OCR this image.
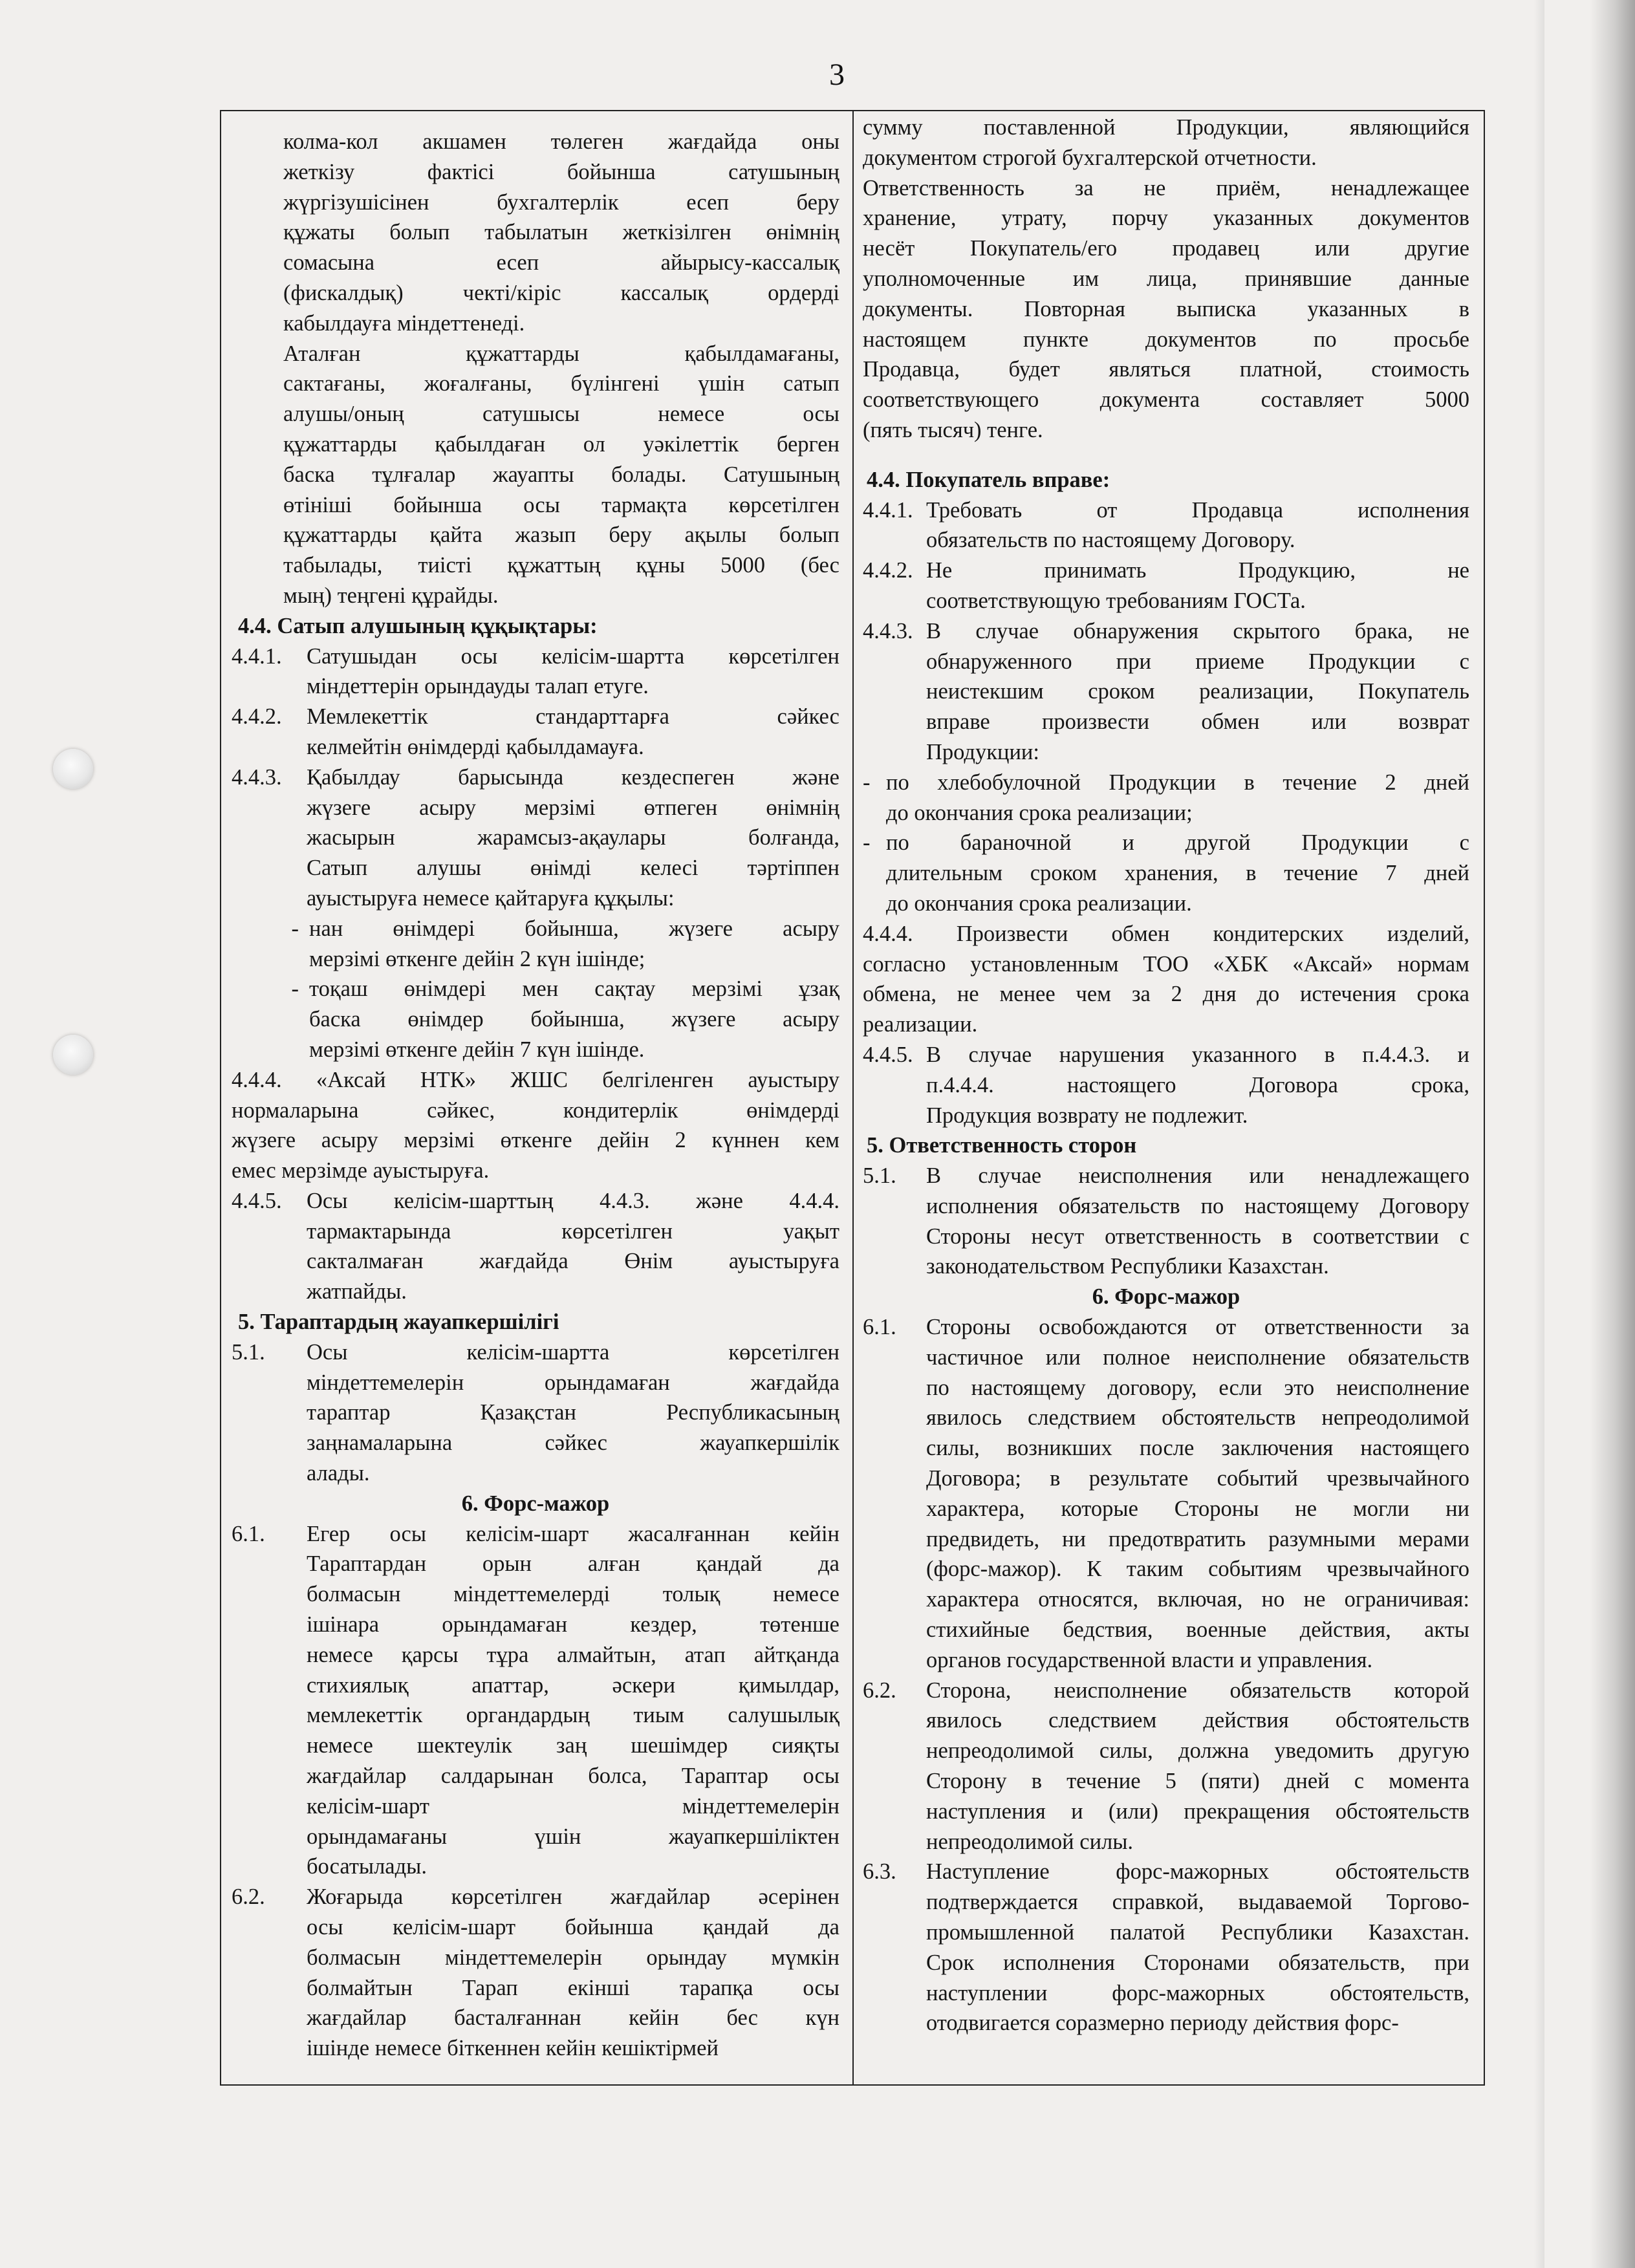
3
колма-кол акшамен төлеген жағдайда оны
жеткізу фактісі бойынша сатушының
жүргізушісінен бухгалтерлік есеп беру
құжаты болып табылатын жеткізілген өнімнің
сомасына есеп айырысу-кассалық
(фискалдық) чекті/кіріс кассалық ордерді
кабылдауға міндеттенеді.
Аталған құжаттарды қабылдамағаны,
сактағаны, жоғалғаны, бүлінгені үшін сатып
алушы/оның сатушысы немесе осы
құжаттарды қабылдаған ол уәкілеттік берген
баска тұлғалар жауапты болады. Сатушының
өтініші бойынша осы тармақта көрсетілген
құжаттарды қайта жазып беру ақылы болып
табылады, тиісті құжаттың құны 5000 (бес
мың) теңгені құрайды.
4.4. Сатып алушының құқықтары:
4.4.1.	Сатушыдан осы келісім-шартта көрсетілген
міндеттерін орындауды талап етуге.
4.4.2.	Мемлекеттік стандарттарға сәйкес
келмейтін өнімдерді қабылдамауға.
4.4.3.	Қабылдау барысында кездеспеген және
жүзеге асыру мерзімі өтпеген өнімнің
жасырын жарамсыз-ақаулары болғанда,
Сатып алушы өнімді келесі тәртіппен
ауыстыруға немесе қайтаруға құқылы:
- нан өнімдері бойынша, жүзеге асыру
мерзімі өткенге дейін 2 күн ішінде;
- тоқаш өнімдері мен сақтау мерзімі ұзақ
баска өнімдер бойынша, жүзеге асыру
мерзімі өткенге дейін 7 күн ішінде.
4.4.4. «Аксай НТК» ЖШС белгіленген ауыстыру
нормаларына сәйкес, кондитерлік өнімдерді
жүзеге асыру мерзімі өткенге дейін 2 күннен кем
емес мерзімде ауыстыруға.
4.4.5.	Осы келісім-шарттың 4.4.3. және 4.4.4.
тармактарында көрсетілген уақыт
сакталмаған жағдайда Өнім ауыстыруға
жатпайды.
5. Тараптардың жауапкершілігі
5.1.	Осы келісім-шартта көрсетілген
міндеттемелерін орындамаған жағдайда
тараптар Қазақстан Республикасының
заңнамаларына сәйкес жауапкершілік
алады.
6. Форс-мажор
6.1.	Егер осы келісім-шарт жасалғаннан кейін
Тараптардан орын алған қандай да
болмасын міндеттемелерді толық немесе
ішінара орындамаған кездер, төтенше
немесе қарсы тұра алмайтын, атап айтқанда
стихиялық апаттар, әскери қимылдар,
мемлекеттік органдардың тиым салушылық
немесе шектеулік заң шешімдер сияқты
жағдайлар салдарынан болса, Тараптар осы
келісім-шарт міндеттемелерін
орындамағаны үшін жауапкершіліктен
босатылады.
6.2.	Жоғарыда көрсетілген жағдайлар әсерінен
осы келісім-шарт бойынша қандай да
болмасын міндеттемелерін орындау мүмкін
болмайтын Тарап екінші тарапқа осы
жағдайлар басталғаннан кейін бес күн
ішінде немесе біткеннен кейін кешіктірмей
сумму поставленной Продукции, являющийся
документом строгой бухгалтерской отчетности.
Ответственность за не приём, ненадлежащее
хранение, утрату, порчу указанных документов
несёт Покупатель/его продавец или другие
уполномоченные им лица, принявшие данные
документы. Повторная выписка указанных в
настоящем пункте документов по просьбе
Продавца, будет являться платной, стоимость
соответствующего документа составляет 5000
(пять тысяч) тенге.
4.4. Покупатель вправе:
4.4.1. Требовать от Продавца исполнения
обязательств по настоящему Договору.
4.4.2. Не принимать Продукцию, не
соответствующую требованиям ГОСТа.
4.4.3. В случае обнаружения скрытого брака, не
обнаруженного при приеме Продукции с
неистекшим сроком реализации, Покупатель
вправе произвести обмен или возврат
Продукции:
- по хлебобулочной Продукции в течение 2 дней
до окончания срока реализации;
- по бараночной и другой Продукции с
длительным сроком хранения, в течение 7 дней
до окончания срока реализации.
4.4.4. Произвести обмен кондитерских изделий,
согласно установленным ТОО «ХБК «Аксай» нормам
обмена, не менее чем за 2 дня до истечения срока
реализации.
4.4.5. В случае нарушения указанного в п.4.4.3. и
п.4.4.4. настоящего Договора срока,
Продукция возврату не подлежит.
5. Ответственность сторон
5.1.	В случае неисполнения или ненадлежащего
исполнения обязательств по настоящему Договору
Стороны несут ответственность в соответствии с
законодательством Республики Казахстан.
6. Форс-мажор
6.1.	Стороны освобождаются от ответственности за
частичное или полное неисполнение обязательств
по настоящему договору, если это неисполнение
явилось следствием обстоятельств непреодолимой
силы, возникших после заключения настоящего
Договора; в результате событий чрезвычайного
характера, которые Стороны не могли ни
предвидеть, ни предотвратить разумными мерами
(форс-мажор). К таким событиям чрезвычайного
характера относятся, включая, но не ограничивая:
стихийные бедствия, военные действия, акты
органов государственной власти и управления.
6.2.	Сторона, неисполнение обязательств которой
явилось следствием действия обстоятельств
непреодолимой силы, должна уведомить другую
Сторону в течение 5 (пяти) дней с момента
наступления и (или) прекращения обстоятельств
непреодолимой силы.
6.3.	Наступление форс-мажорных обстоятельств
подтверждается справкой, выдаваемой Торгово-
промышленной палатой Республики Казахстан.
Срок исполнения Сторонами обязательств, при
наступлении форс-мажорных обстоятельств,
отодвигается соразмерно периоду действия форс-
